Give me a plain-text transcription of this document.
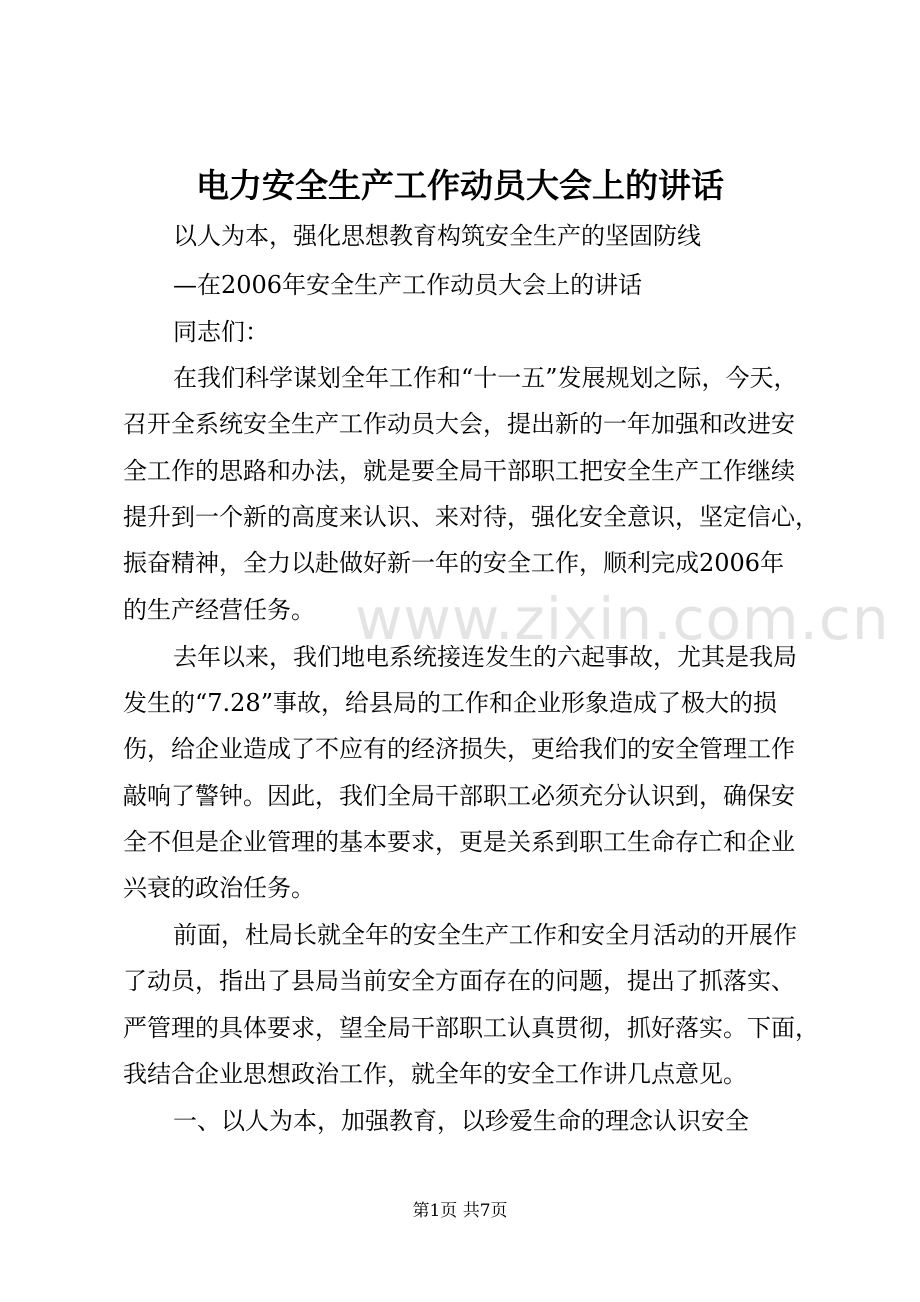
www.zixin.com.cn
电力安全生产工作动员大会上的讲话
以人为本，强化思想教育构筑安全生产的坚固防线
—在2006年安全生产工作动员大会上的讲话
同志们：
在我们科学谋划全年工作和“十一五”发展规划之际，今天，
召开全系统安全生产工作动员大会，提出新的一年加强和改进安
全工作的思路和办法，就是要全局干部职工把安全生产工作继续
提升到一个新的高度来认识、来对待，强化安全意识，坚定信心，
振奋精神，全力以赴做好新一年的安全工作，顺利完成2006年
的生产经营任务。
去年以来，我们地电系统接连发生的六起事故，尤其是我局
发生的“7.28”事故，给县局的工作和企业形象造成了极大的损
伤，给企业造成了不应有的经济损失，更给我们的安全管理工作
敲响了警钟。因此，我们全局干部职工必须充分认识到，确保安
全不但是企业管理的基本要求，更是关系到职工生命存亡和企业
兴衰的政治任务。
前面，杜局长就全年的安全生产工作和安全月活动的开展作
了动员，指出了县局当前安全方面存在的问题，提出了抓落实、
严管理的具体要求，望全局干部职工认真贯彻，抓好落实。下面，
我结合企业思想政治工作，就全年的安全工作讲几点意见。
一、以人为本，加强教育，以珍爱生命的理念认识安全
第1页 共7页
